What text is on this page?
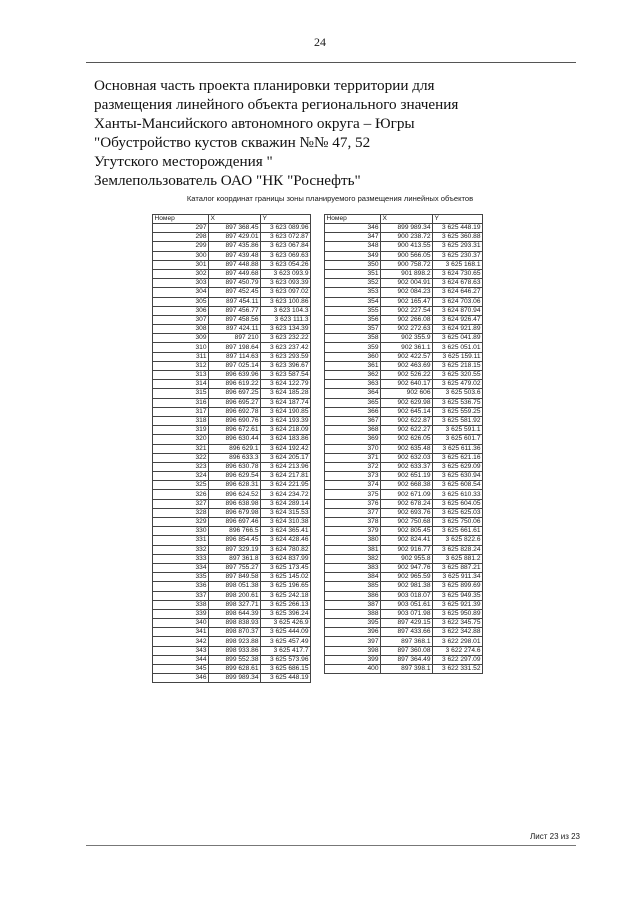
24
Основная часть проекта планировки территории для
размещения линейного объекта регионального значения
Ханты-Мансийского автономного округа – Югры
"Обустройство кустов скважин №№ 47, 52
Угутского месторождения "
Землепользователь ОАО "НК "Роснефть"
Каталог координат границы зоны планируемого размещения линейных объектов
Номер	X	Y
297	897 368.45	3 623 089.96
298	897 429.01	3 623 072.87
299	897 435.86	3 623 067.84
300	897 439.48	3 623 069.63
301	897 448.88	3 623 054.26
302	897 449.68	3 623 093.9
303	897 450.79	3 623 093.39
304	897 452.45	3 623 097.02
305	897 454.11	3 623 100.86
306	897 456.77	3 623 104.3
307	897 458.56	3 623 111.3
308	897 424.11	3 623 134.39
309	897 210	3 623 232.22
310	897 198.64	3 623 237.42
311	897 114.63	3 623 293.59
312	897 025.14	3 623 396.67
313	896 639.96	3 623 587.54
314	896 619.22	3 624 122.79
315	896 697.25	3 624 185.28
316	896 695.27	3 624 187.74
317	896 692.78	3 624 190.85
318	896 690.76	3 624 193.39
319	896 672.61	3 624 218.09
320	896 630.44	3 624 183.86
321	896 629.1	3 624 192.42
322	896 633.3	3 624 205.17
323	896 630.78	3 624 213.96
324	896 629.54	3 624 217.81
325	896 628.31	3 624 221.95
326	896 624.52	3 624 234.72
327	896 638.98	3 624 289.14
328	896 679.98	3 624 315.53
329	896 697.46	3 624 310.38
330	896 766.5	3 624 365.41
331	896 854.45	3 624 428.46
332	897 329.19	3 624 780.82
333	897 361.8	3 624 837.99
334	897 755.27	3 625 173.45
335	897 849.58	3 625 145.02
336	898 051.38	3 625 196.65
337	898 200.61	3 625 242.18
338	898 327.71	3 625 266.13
339	898 644.39	3 625 396.24
340	898 838.93	3 625 426.9
341	898 870.37	3 625 444.09
342	898 923.88	3 625 457.49
343	898 933.86	3 625 417.7
344	899 552.38	3 625 573.96
345	899 628.61	3 625 686.15
346	899 989.34	3 625 448.19
Номер	X	Y
346	899 989.34	3 625 448.19
347	900 238.72	3 625 360.88
348	900 413.55	3 625 293.31
349	900 566.05	3 625 230.37
350	900 758.72	3 625 168.1
351	901 898.2	3 624 730.65
352	902 004.91	3 624 678.63
353	902 084.23	3 624 646.27
354	902 165.47	3 624 703.06
355	902 227.54	3 624 870.94
356	902 266.08	3 624 926.47
357	902 272.63	3 624 921.89
358	902 355.9	3 625 041.89
359	902 361.1	3 625 051.01
360	902 422.57	3 625 159.11
361	902 463.69	3 625 218.15
362	902 526.22	3 625 320.55
363	902 640.17	3 625 479.02
364	902 606	3 625 503.6
365	902 629.98	3 625 536.75
366	902 645.14	3 625 559.25
367	902 622.87	3 625 581.92
368	902 622.27	3 625 591.1
369	902 626.05	3 625 601.7
370	902 635.48	3 625 611.36
371	902 632.03	3 625 621.16
372	902 633.37	3 625 629.09
373	902 651.19	3 625 630.94
374	902 668.38	3 625 608.54
375	902 671.09	3 625 610.33
376	902 678.24	3 625 604.05
377	902 693.76	3 625 625.03
378	902 750.68	3 625 750.06
379	902 805.45	3 625 661.61
380	902 824.41	3 625 822.6
381	902 916.77	3 625 828.24
382	902 955.8	3 625 881.2
383	902 947.76	3 625 887.21
384	902 965.59	3 625 911.34
385	902 981.38	3 625 899.69
386	903 018.07	3 625 949.35
387	903 051.61	3 625 921.39
388	903 071.98	3 625 950.89
395	897 429.15	3 622 345.75
396	897 433.66	3 622 342.88
397	897 368.1	3 622 298.01
398	897 360.08	3 622 274.6
399	897 364.49	3 622 297.09
400	897 398.1	3 622 331.52
Лист 23 из 23
